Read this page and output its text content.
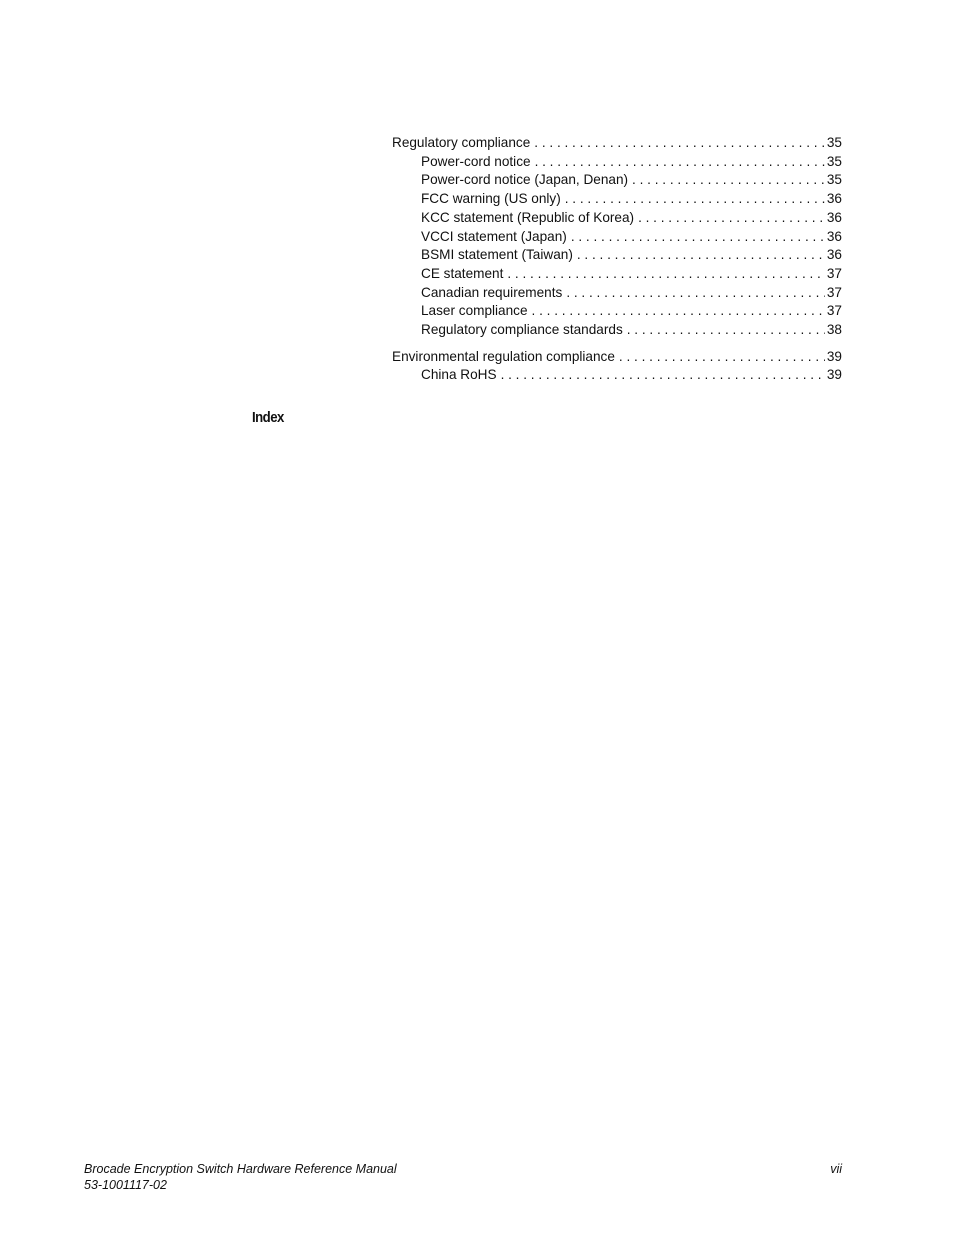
Regulatory compliance . . .	35
Power-cord notice . . .	35
Power-cord notice (Japan, Denan) . . .	35
FCC warning (US only) . . .	36
KCC statement (Republic of Korea) . . .	36
VCCI statement (Japan) . . .	36
BSMI statement (Taiwan) . . .	36
CE statement . . .	37
Canadian requirements . . .	37
Laser compliance . . .	37
Regulatory compliance standards . . .	38
Environmental regulation compliance . . .	39
China RoHS . . .	39
Index
Brocade Encryption Switch Hardware Reference Manual
53-1001117-02
vii
